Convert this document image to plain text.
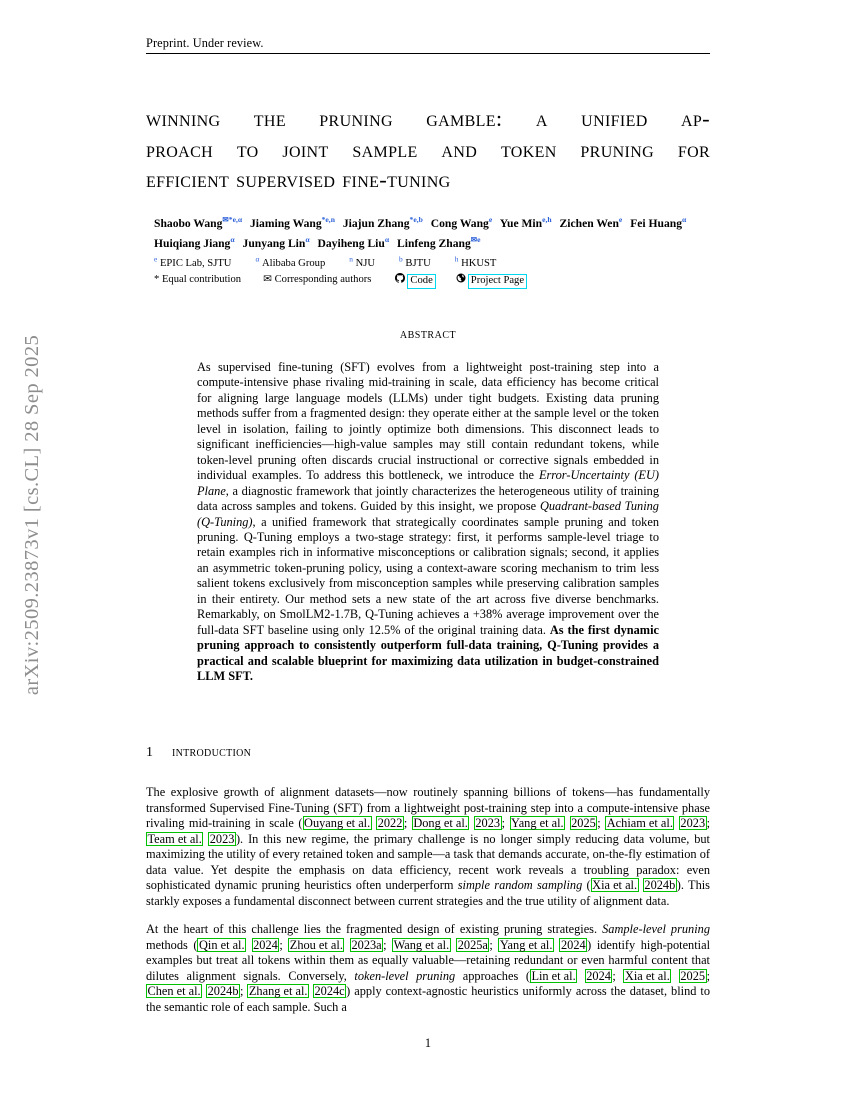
arXiv:2509.23873v1 [cs.CL] 28 Sep 2025
Preprint. Under review.
winning the pruning gamble: a unified ap-
proach to joint sample and token pruning for
efficient supervised fine-tuning
Shaobo Wang$^{✉*e,\alpha}$ Jiaming Wang$^{*e,n}$ Jiajun Zhang$^{*e,b}$ Cong Wang$^e$ Yue Min$^{e,h}$ Zichen Wen$^e$ Fei Huang$^\alpha$ Huiqiang Jiang$^\alpha$ Junyang Lin$^\alpha$ Dayiheng Liu$^\alpha$ Linfeng Zhang$^{✉e}$
$^e$ EPIC Lab, SJTU	$^\alpha$ Alibaba Group	$^n$ NJU	$^b$ BJTU	$^h$ HKUST
* Equal contribution ✉ Corresponding authors	Code	Project Page
abstract
As supervised fine-tuning (SFT) evolves from a lightweight post-training step into a compute-intensive phase rivaling mid-training in scale, data efficiency has become critical for aligning large language models (LLMs) under tight budgets. Existing data pruning methods suffer from a fragmented design: they operate either at the sample level or the token level in isolation, failing to jointly optimize both dimensions. This disconnect leads to significant inefficiencies—high-value samples may still contain redundant tokens, while token-level pruning often discards crucial instructional or corrective signals embedded in individual examples. To address this bottleneck, we introduce the Error-Uncertainty (EU) Plane, a diagnostic framework that jointly characterizes the heterogeneous utility of training data across samples and tokens. Guided by this insight, we propose Quadrant-based Tuning (Q-Tuning), a unified framework that strategically coordinates sample pruning and token pruning. Q-Tuning employs a two-stage strategy: first, it performs sample-level triage to retain examples rich in informative misconceptions or calibration signals; second, it applies an asymmetric token-pruning policy, using a context-aware scoring mechanism to trim less salient tokens exclusively from misconception samples while preserving calibration samples in their entirety. Our method sets a new state of the art across five diverse benchmarks. Remarkably, on SmolLM2-1.7B, Q-Tuning achieves a +38% average improvement over the full-data SFT baseline using only 12.5% of the original training data. As the first dynamic pruning approach to consistently outperform full-data training, Q-Tuning provides a practical and scalable blueprint for maximizing data utilization in budget-constrained LLM SFT.
1 introduction
The explosive growth of alignment datasets—now routinely spanning billions of tokens—has fundamentally transformed Supervised Fine-Tuning (SFT) from a lightweight post-training step into a compute-intensive phase rivaling mid-training in scale ( Ouyang et al. 2022 ; Dong et al. 2023 ; Yang et al. 2025 ; Achiam et al. 2023 ; Team et al. 2023 ). In this new regime, the primary challenge is no longer simply reducing data volume, but maximizing the utility of every retained token and sample—a task that demands accurate, on-the-fly estimation of data value. Yet despite the emphasis on data efficiency, recent work reveals a troubling paradox: even sophisticated dynamic pruning heuristics often underperform simple random sampling ( Xia et al. 2024b ). This starkly exposes a fundamental disconnect between current strategies and the true utility of alignment data.
At the heart of this challenge lies the fragmented design of existing pruning strategies. Sample-level pruning methods ( Qin et al. 2024 ; Zhou et al. 2023a ; Wang et al. 2025a ; Yang et al. 2024 ) identify high-potential examples but treat all tokens within them as equally valuable—retaining redundant or even harmful content that dilutes alignment signals. Conversely, token-level pruning approaches ( Lin et al. 2024 ; Xia et al. 2025 ; Chen et al. 2024b ; Zhang et al. 2024c ) apply context-agnostic heuristics uniformly across the dataset, blind to the semantic role of each sample. Such a
1
